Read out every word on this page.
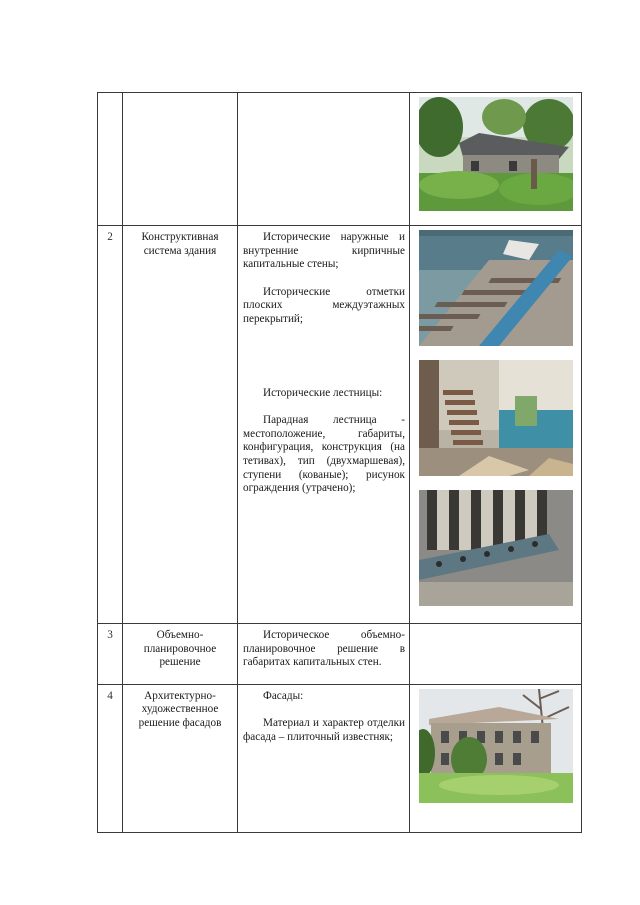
2	Конструктивная система здания	Исторические наружные и внутренние кирпичные капитальные стены;

Исторические отметки плоских междуэтажных перекрытий;

Исторические лестницы:

Парадная лестница - местоположение, габариты, конфигурация, конструкция (на тетивах), тип (двухмаршевая), ступени (кованые); рисунок ограждения (утрачено);

3	Объемно-планировочное решение	Историческое объемно-планировочное решение в габаритах капитальных стен.	

4	Архитектурно-художественное решение фасадов	Фасады:

Материал и характер отделки фасада – плиточный известняк;
